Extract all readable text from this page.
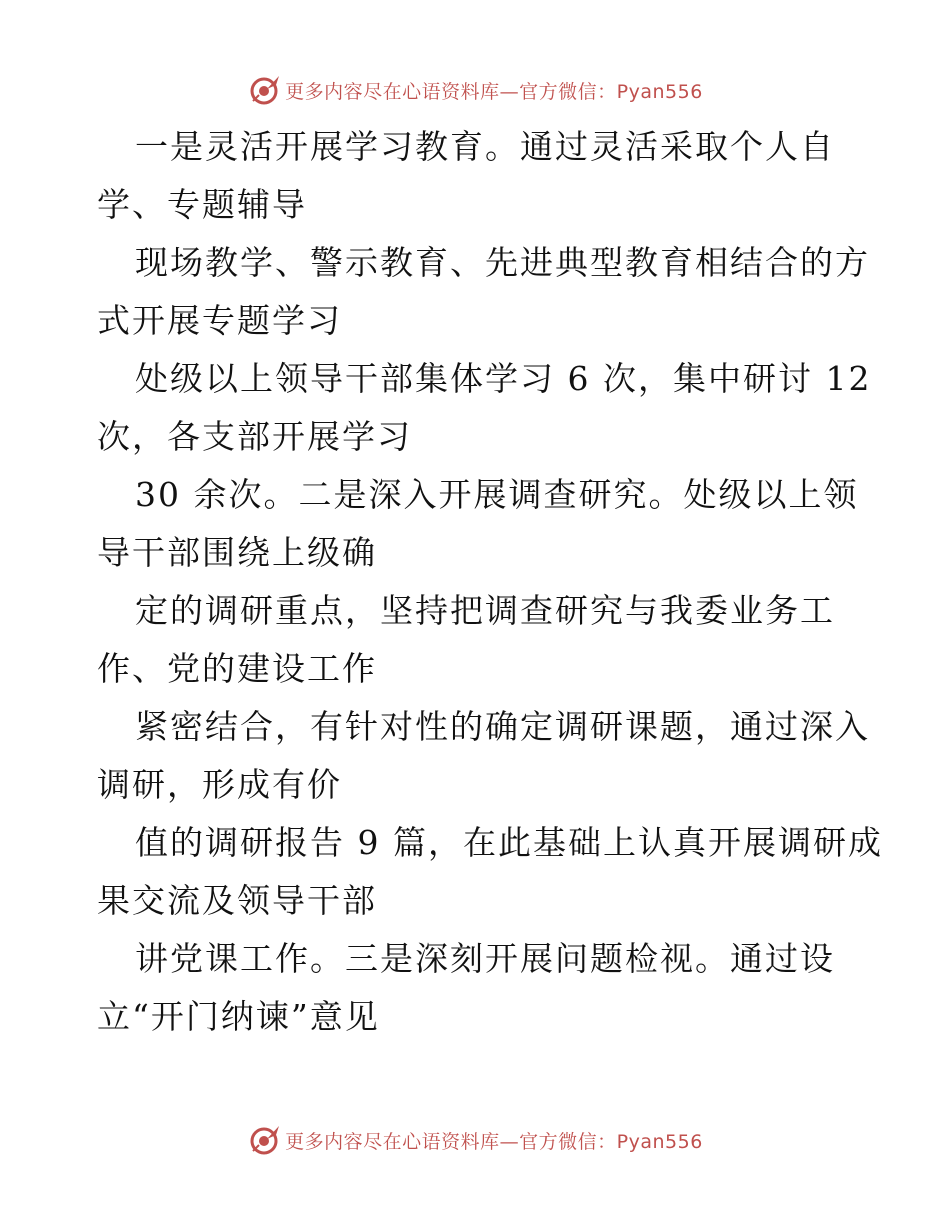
更多内容尽在心语资料库—官方微信：Pyan556
一是灵活开展学习教育。通过灵活采取个人自
学、专题辅导
现场教学、警示教育、先进典型教育相结合的方
式开展专题学习
处级以上领导干部集体学习 6 次，集中研讨 12
次，各支部开展学习
30 余次。二是深入开展调查研究。处级以上领
导干部围绕上级确
定的调研重点，坚持把调查研究与我委业务工
作、党的建设工作
紧密结合，有针对性的确定调研课题，通过深入
调研，形成有价
值的调研报告 9 篇，在此基础上认真开展调研成
果交流及领导干部
讲党课工作。三是深刻开展问题检视。通过设
立“开门纳谏”意见
更多内容尽在心语资料库—官方微信：Pyan556
